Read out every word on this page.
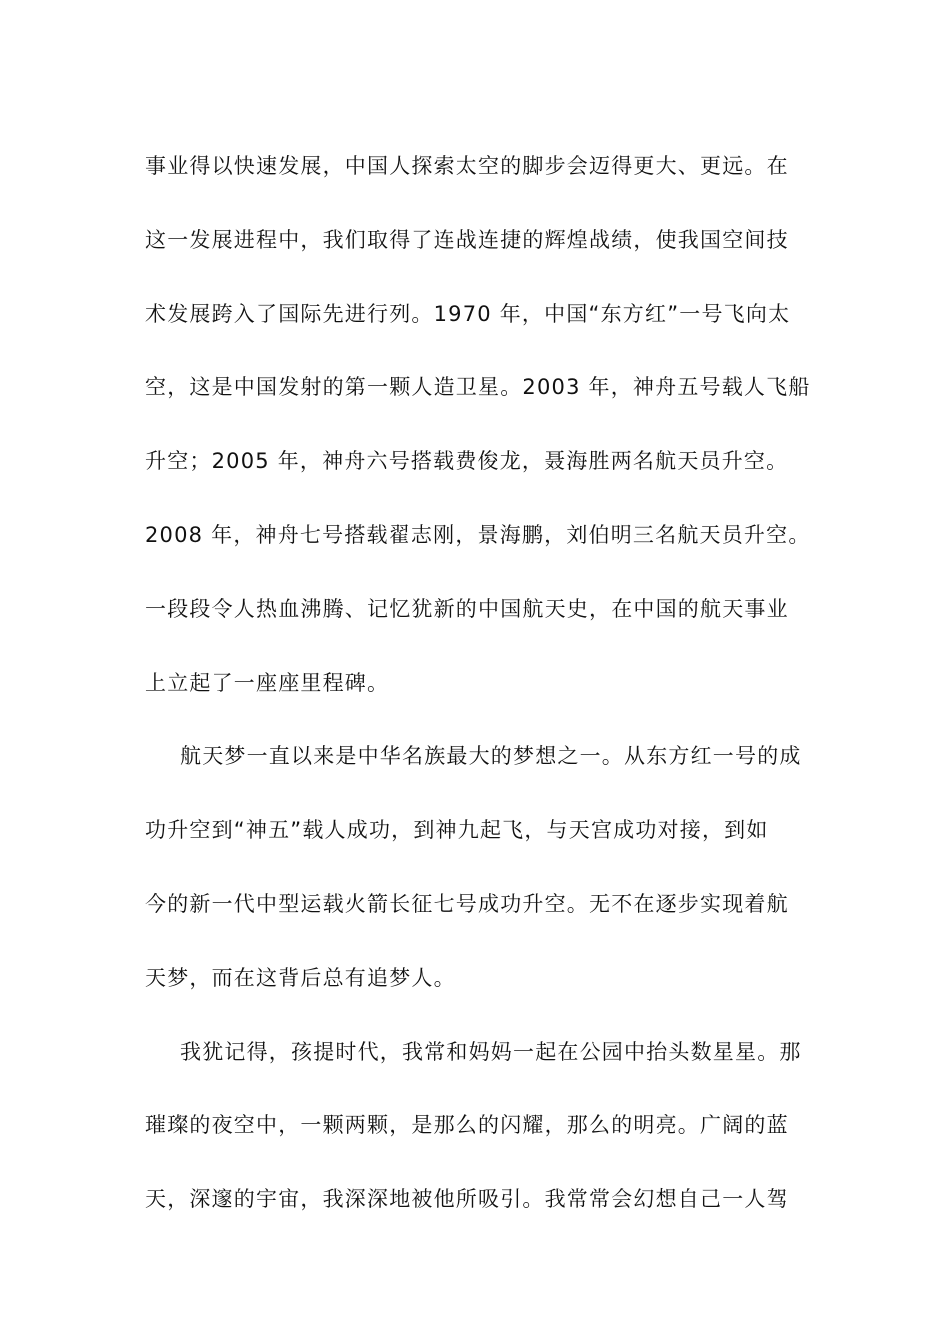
事业得以快速发展，中国人探索太空的脚步会迈得更大、更远。在
这一发展进程中，我们取得了连战连捷的辉煌战绩，使我国空间技
术发展跨入了国际先进行列。1970 年，中国“东方红”一号飞向太
空，这是中国发射的第一颗人造卫星。2003 年，神舟五号载人飞船
升空；2005 年，神舟六号搭载费俊龙，聂海胜两名航天员升空。
2008 年，神舟七号搭载翟志刚，景海鹏，刘伯明三名航天员升空。
一段段令人热血沸腾、记忆犹新的中国航天史，在中国的航天事业
上立起了一座座里程碑。
航天梦一直以来是中华名族最大的梦想之一。从东方红一号的成
功升空到“神五”载人成功，到神九起飞，与天宫成功对接，到如
今的新一代中型运载火箭长征七号成功升空。无不在逐步实现着航
天梦，而在这背后总有追梦人。
我犹记得，孩提时代，我常和妈妈一起在公园中抬头数星星。那
璀璨的夜空中，一颗两颗，是那么的闪耀，那么的明亮。广阔的蓝
天，深邃的宇宙，我深深地被他所吸引。我常常会幻想自己一人驾
